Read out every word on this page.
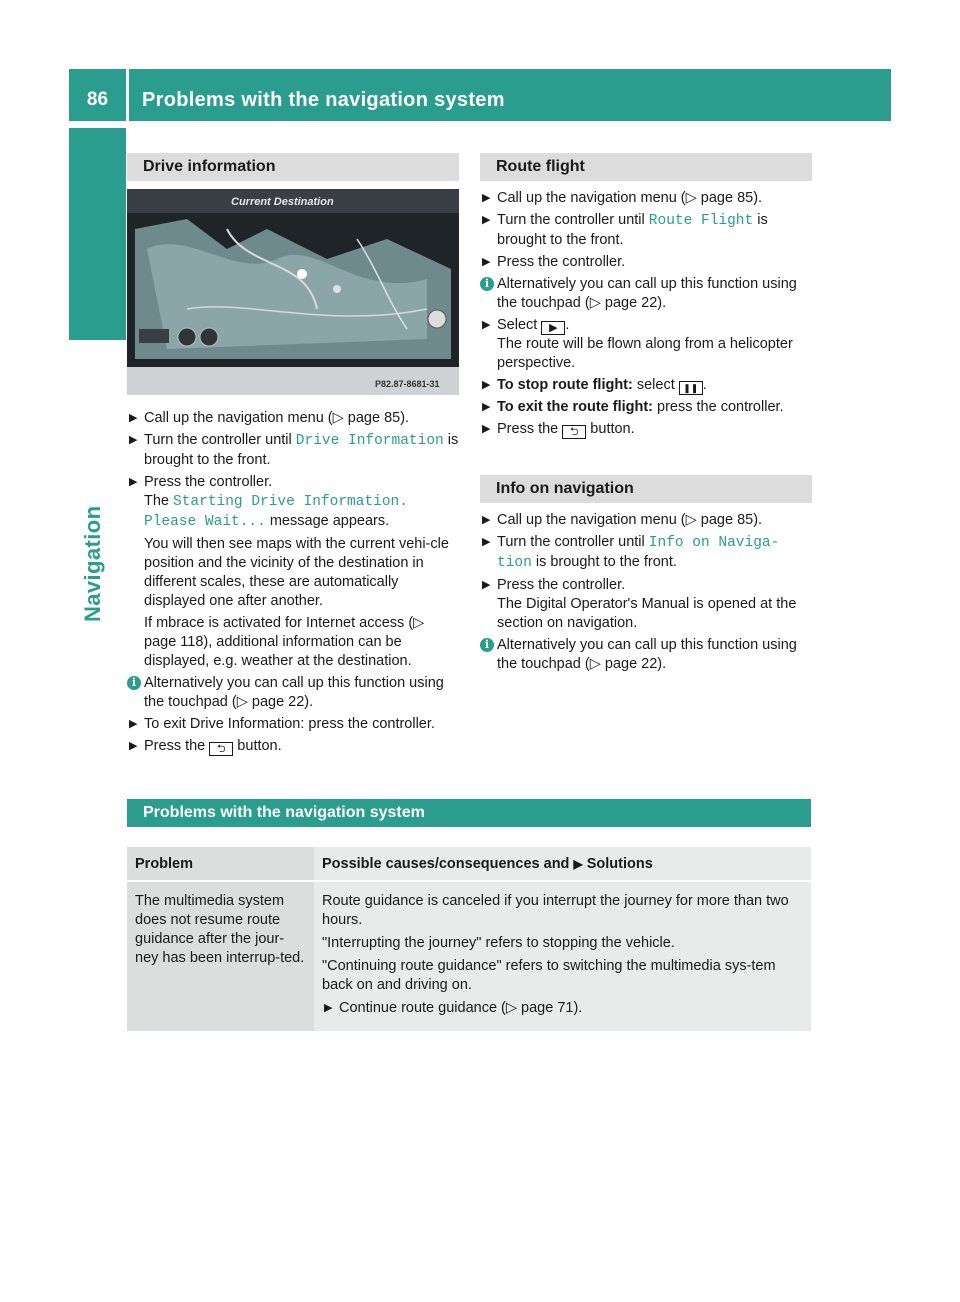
86	Problems with the navigation system
Navigation
Drive information
Current Destination
P82.87-8681-31
▶ Call up the navigation menu (▷ page 85).
▶ Turn the controller until Drive Information is brought to the front.
▶ Press the controller.
The Starting Drive Information. Please Wait... message appears.
You will then see maps with the current vehi-cle position and the vicinity of the destination in different scales, these are automatically displayed one after another.
If mbrace is activated for Internet access (▷ page 118), additional information can be displayed, e.g. weather at the destination.
i Alternatively you can call up this function using the touchpad (▷ page 22).
▶ To exit Drive Information: press the controller.
▶ Press the ⮌ button.
Route flight
▶ Call up the navigation menu (▷ page 85).
▶ Turn the controller until Route Flight is brought to the front.
▶ Press the controller.
i Alternatively you can call up this function using the touchpad (▷ page 22).
▶ Select ▶ .
The route will be flown along from a helicopter perspective.
▶ To stop route flight: select ❚❚ .
▶ To exit the route flight: press the controller.
▶ Press the ⮌ button.
Info on navigation
▶ Call up the navigation menu (▷ page 85).
▶ Turn the controller until Info on Naviga-tion is brought to the front.
▶ Press the controller.
The Digital Operator's Manual is opened at the section on navigation.
i Alternatively you can call up this function using the touchpad (▷ page 22).
Problems with the navigation system
Problem	Possible causes/consequences and ▶ Solutions
The multimedia system does not resume route guidance after the jour-ney has been interrup-ted.	Route guidance is canceled if you interrupt the journey for more than two hours.

"Interrupting the journey" refers to stopping the vehicle.

"Continuing route guidance" refers to switching the multimedia sys-tem back on and driving on.

▶ Continue route guidance (▷ page 71).
